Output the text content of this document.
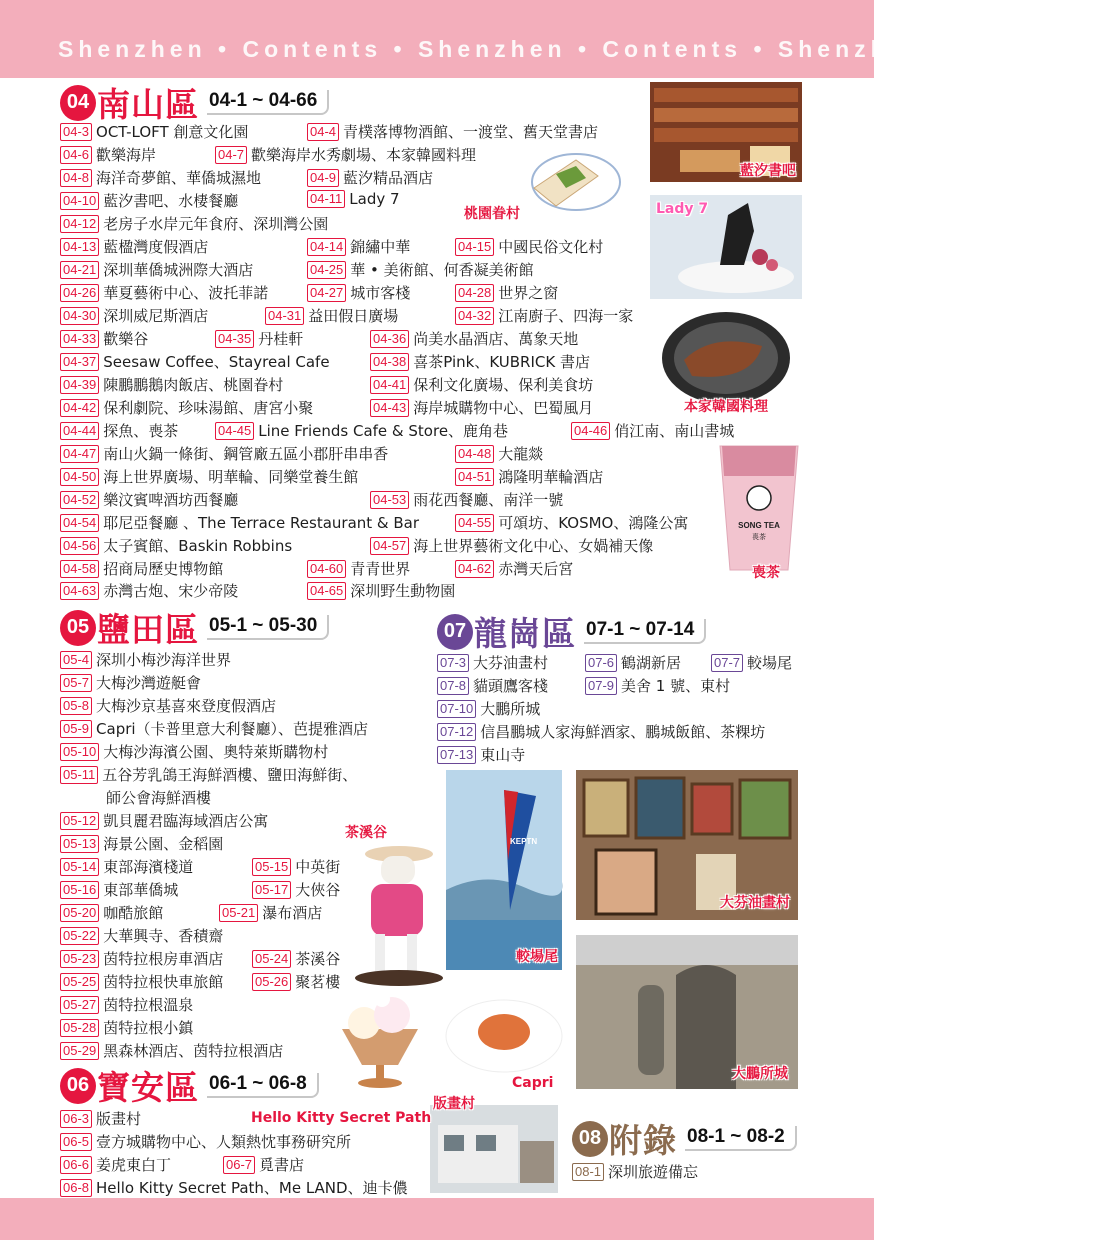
Shenzhen • Contents • Shenzhen • Contents • Shenzhen • Contents
04 南山區 04-1 ~ 04-66
05 鹽田區 05-1 ~ 05-30
06 寶安區 06-1 ~ 06-8
07 龍崗區 07-1 ~ 07-14
08 附錄 08-1 ~ 08-2
04-3 OCT-LOFT 創意文化園	04-4 青樸落博物酒館、一渡堂、舊天堂書店
04-6 歡樂海岸	04-7 歡樂海岸水秀劇場、本家韓國料理
04-8 海洋奇夢館、華僑城濕地	04-9 藍汐精品酒店
04-10 藍汐書吧、水棲餐廳	04-11 Lady 7
04-12 老房子水岸元年食府、深圳灣公園
04-13 藍楹灣度假酒店	04-14 錦繡中華	04-15 中國民俗文化村
04-21 深圳華僑城洲際大酒店	04-25 華 • 美術館、何香凝美術館
04-26 華夏藝術中心、波托菲諾	04-27 城市客棧	04-28 世界之窗
04-30 深圳威尼斯酒店	04-31 益田假日廣場	04-32 江南廚子、四海一家
04-33 歡樂谷	04-35 丹桂軒	04-36 尚美水晶酒店、萬象天地
04-37 Seesaw Coffee、Stayreal Cafe	04-38 喜茶Pink、KUBRICK 書店
04-39 陳鵬鵬鵝肉飯店、桃園眷村	04-41 保利文化廣場、保利美食坊
04-42 保利劇院、珍味湯館、唐宮小聚	04-43 海岸城購物中心、巴蜀風月
04-44 探魚、喪茶	04-45 Line Friends Cafe & Store、鹿角巷	04-46 俏江南、南山書城
04-47 南山火鍋一條街、鋼管廠五區小郡肝串串香	04-48 大龍燚
04-50 海上世界廣場、明華輪、同樂堂養生館	04-51 鴻隆明華輪酒店
04-52 樂汶賓啤酒坊西餐廳	04-53 雨花西餐廳、南洋一號
04-54 耶尼亞餐廳 、The Terrace Restaurant & Bar	04-55 可頌坊、KOSMO、鴻隆公寓
04-56 太子賓館、Baskin Robbins	04-57 海上世界藝術文化中心、女媧補天像
04-58 招商局歷史博物館	04-60 青青世界	04-62 赤灣天后宮
04-63 赤灣古炮、宋少帝陵	04-65 深圳野生動物園
05-4 深圳小梅沙海洋世界
05-7 大梅沙灣遊艇會
05-8 大梅沙京基喜來登度假酒店
05-9 Capri（卡普里意大利餐廳）、芭提雅酒店
05-10 大梅沙海濱公園、奧特萊斯購物村
05-11 五谷芳乳鴿王海鮮酒樓、鹽田海鮮街、
師公會海鮮酒樓
05-12 凱貝麗君臨海域酒店公寓
05-13 海景公園、金稻園
05-14 東部海濱棧道	05-15 中英街
05-16 東部華僑城	05-17 大俠谷
05-20 咖酷旅館	05-21 瀑布酒店
05-22 大華興寺、香積齋
05-23 茵特拉根房車酒店 05-24 茶溪谷
05-25 茵特拉根快車旅館 05-26 聚茗樓
05-27 茵特拉根溫泉
05-28 茵特拉根小鎮
05-29 黑森林酒店、茵特拉根酒店
06-3 版畫村
06-5 壹方城購物中心、人類熱忱事務研究所
06-6 姜虎東白丁	06-7 覓書店
06-8 Hello Kitty Secret Path、Me LAND、迪卡儂
07-3 大芬油畫村	07-6 鶴湖新居	07-7 較場尾
07-8 貓頭鷹客棧	07-9 美舍 1 號、東村
07-10 大鵬所城
07-12 信昌鵬城人家海鮮酒家、鵬城飯館、茶粿坊
07-13 東山寺
08-1 深圳旅遊備忘
藍汐書吧
桃園眷村	Lady 7
本家韓國料理
SONG TEA
喪茶
喪茶
茶溪谷
KEPTN
較場尾
大芬油畫村
Capri
版畫村
大鵬所城
Hello Kitty Secret Path
